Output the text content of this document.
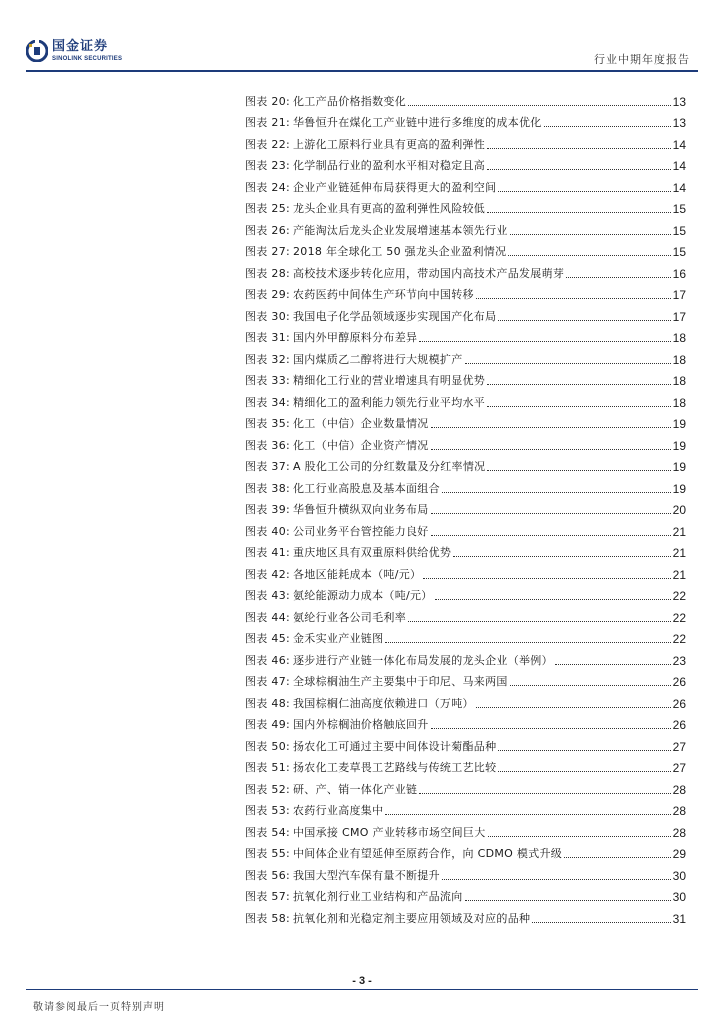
国金证券
SINOLINK SECURITIES	行业中期年度报告
图表 20: 化工产品价格指数变化	13
图表 21: 华鲁恒升在煤化工产业链中进行多维度的成本优化	13
图表 22: 上游化工原料行业具有更高的盈利弹性	14
图表 23: 化学制品行业的盈利水平相对稳定且高	14
图表 24: 企业产业链延伸布局获得更大的盈利空间	14
图表 25: 龙头企业具有更高的盈利弹性风险较低	15
图表 26: 产能淘汰后龙头企业发展增速基本领先行业	15
图表 27: 2018 年全球化工 50 强龙头企业盈利情况	15
图表 28: 高校技术逐步转化应用，带动国内高技术产品发展萌芽	16
图表 29: 农药医药中间体生产环节向中国转移	17
图表 30: 我国电子化学品领域逐步实现国产化布局	17
图表 31: 国内外甲醇原料分布差异	18
图表 32: 国内煤质乙二醇将进行大规模扩产	18
图表 33: 精细化工行业的营业增速具有明显优势	18
图表 34: 精细化工的盈利能力领先行业平均水平	18
图表 35: 化工（中信）企业数量情况	19
图表 36: 化工（中信）企业资产情况	19
图表 37: A 股化工公司的分红数量及分红率情况	19
图表 38: 化工行业高股息及基本面组合	19
图表 39: 华鲁恒升横纵双向业务布局	20
图表 40: 公司业务平台管控能力良好	21
图表 41: 重庆地区具有双重原料供给优势	21
图表 42: 各地区能耗成本（吨/元）	21
图表 43: 氨纶能源动力成本（吨/元）	22
图表 44: 氨纶行业各公司毛利率	22
图表 45: 金禾实业产业链图	22
图表 46: 逐步进行产业链一体化布局发展的龙头企业（举例）	23
图表 47: 全球棕榈油生产主要集中于印尼、马来两国	26
图表 48: 我国棕榈仁油高度依赖进口（万吨）	26
图表 49: 国内外棕榈油价格触底回升	26
图表 50: 扬农化工可通过主要中间体设计菊酯品种	27
图表 51: 扬农化工麦草畏工艺路线与传统工艺比较	27
图表 52: 研、产、销一体化产业链	28
图表 53: 农药行业高度集中	28
图表 54: 中国承接 CMO 产业转移市场空间巨大	28
图表 55: 中间体企业有望延伸至原药合作，向 CDMO 模式升级	29
图表 56: 我国大型汽车保有量不断提升	30
图表 57: 抗氧化剂行业工业结构和产品流向	30
图表 58: 抗氧化剂和光稳定剂主要应用领域及对应的品种	31
- 3 -
敬请参阅最后一页特别声明
